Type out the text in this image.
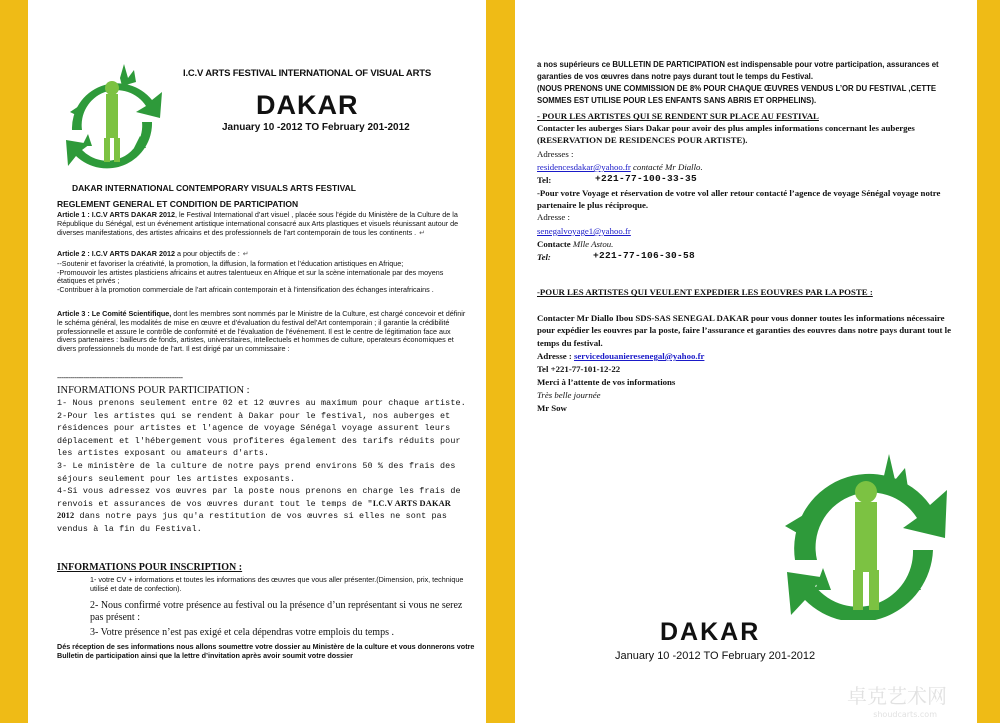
I.C.V ARTS FESTIVAL INTERNATIONAL OF VISUAL ARTS
DAKAR
January 10 -2012 TO February 201-2012
DAKAR INTERNATIONAL CONTEMPORARY VISUALS ARTS FESTIVAL
REGLEMENT GENERAL ET CONDITION DE PARTICIPATION
Article 1 : I.C.V ARTS DAKAR 2012, le Festival International d’art visuel , placée sous l’égide du Ministère de la Culture de la République du Sénégal, est un événement artistique international consacré aux Arts plastiques et visuels réunissant autour de diverses manifestations, des artistes africains et des professionnels de l’art contemporain de tous les continents . ↵
Article 2 : I.C.V ARTS DAKAR 2012 a pour objectifs de : ↵
--Soutenir et favoriser la créativité, la promotion, la diffusion, la formation et l’éducation artistiques en Afrique;
-Promouvoir les artistes plasticiens africains et autres talentueux en Afrique et sur la scène internationale par des moyens étatiques et privés ;
-Contribuer à la promotion commerciale de l’art africain contemporain et à l’intensification des échanges interafricains .
Article 3 : Le Comité Scientifique, dont les membres sont nommés par le Ministre de la Culture, est chargé concevoir et définir le schéma général, les modalités de mise en œuvre et d’évaluation du festival del’Art contemporain ; il garantie la crédibilité professionnelle et assure le contrôle de conformité et de l’évaluation de l’événement. Il est le centre de légitimation face aux divers partenaires : bailleurs de fonds, artistes, universitaires, intellectuels et hommes de culture, operateurs économiques et divers professionnels du monde de l’art. Il est dirigé par un commissaire :
----------------------------------------------------------
INFORMATIONS POUR PARTICIPATION :
1- Nous prenons seulement entre 02 et 12 œuvres au maximum pour chaque artiste.
2-Pour les artistes qui se rendent à Dakar pour le festival, nos auberges et résidences pour artistes et l'agence de voyage Sénégal voyage assurent leurs déplacement et l'hébergement vous profiteres également des tarifs réduits pour les artistes exposant ou amateurs d'arts.
3- Le ministère de la culture de notre pays prend environs 50 % des frais des séjours seulement pour les artistes exposants.
4-Si vous adressez vos œuvres par la poste nous prenons en charge les frais de renvois et assurances de vos œuvres durant tout le temps de "I.C.V ARTS DAKAR 2012 dans notre pays jus qu'a restitution de vos œuvres si elles ne sont pas vendus à la fin du Festival.
INFORMATIONS POUR INSCRIPTION :
1- votre CV + informations et toutes les informations des œuvres que vous aller présenter.(Dimension, prix, technique utilisé et date de confection).
2- Nous confirmé votre présence au festival ou la présence d’un représentant si vous ne serez pas présent :
3- Votre présence n’est pas exigé et cela dépendras votre emplois du temps .
Dés réception de ses informations nous allons soumettre votre dossier au Ministère de la culture et vous donnerons votre Bulletin de participation ainsi que la lettre d’invitation après avoir soumit votre dossier
a nos supérieurs ce BULLETIN DE PARTICIPATION est indispensable pour votre participation, assurances et garanties de vos œuvres dans notre pays durant tout le temps du Festival.
(NOUS PRENONS UNE COMMISSION DE 8% POUR CHAQUE ŒUVRES VENDUS L’OR DU FESTIVAL ,CETTE SOMMES EST UTILISE POUR LES ENFANTS SANS ABRIS ET ORPHELINS).
- POUR LES ARTISTES QUI SE RENDENT SUR PLACE AU FESTIVAL
Contacter les auberges Siars Dakar pour avoir des plus amples informations concernant les auberges (RESERVATION DE RESIDENCES POUR ARTISTE).
Adresses :
residencesdakar@yahoo.fr contacté Mr Diallo.
Tel:	+221-77-100-33-35
-Pour votre Voyage et réservation de votre vol aller retour contacté l’agence de voyage Sénégal voyage notre partenaire le plus réciproque.
Adresse :
senegalvoyage1@yahoo.fr
Contacte Mlle Astou.
Tel:	+221-77-106-30-58
-POUR LES ARTISTES QUI VEULENT EXPEDIER LES EOUVRES PAR LA POSTE :
Contacter Mr Diallo Ibou SDS-SAS SENEGAL DAKAR pour vous donner toutes les informations nécessaire pour expédier les eouvres par la poste, faire l’assurance et garanties des eouvres dans notre pays durant tout le temps du festival.
Adresse : servicedouanieresenegal@yahoo.fr
Tel +221-77-101-12-22
Merci à l’attente de vos informations
Très belle journée
Mr Sow
DAKAR
January 10 -2012 TO February 201-2012
卓克艺术网
shoudcarts.com
